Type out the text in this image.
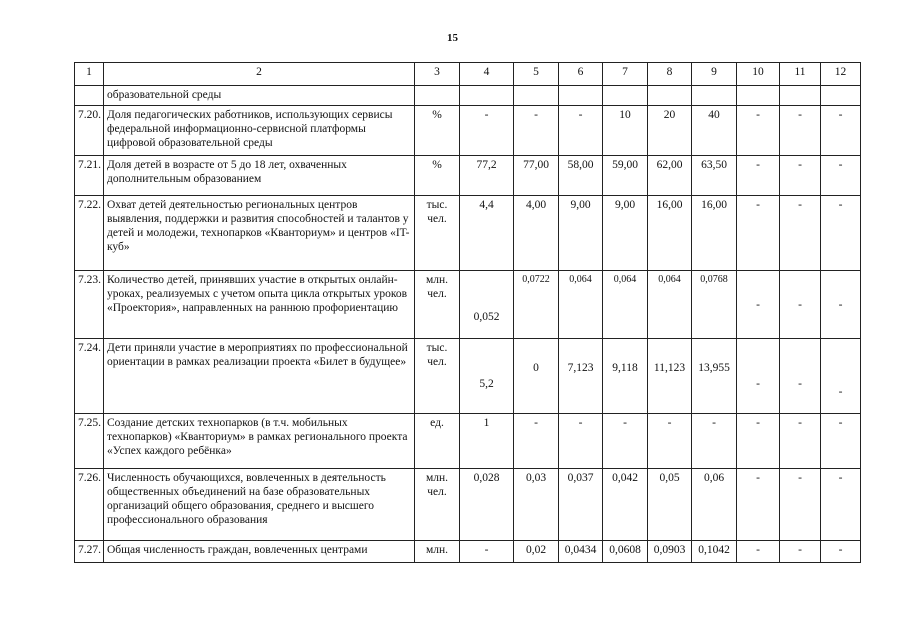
15
1	2	3	4	5	6	7	8	9	10	11	12
	образовательной среды										
7.20.	Доля педагогических работников, использующих сервисы федеральной информационно-сервисной платформы цифровой образовательной среды	%	-	-	-	10	20	40	-	-	-
7.21.	Доля детей в возрасте от 5 до 18 лет, охваченных дополнительным образованием	%	77,2	77,00	58,00	59,00	62,00	63,50	-	-	-
7.22.	Охват детей деятельностью региональных центров выявления, поддержки и развития способностей и талантов у детей и молодежи, технопарков «Кванториум» и центров «IT-куб»	тыс. чел.	4,4	4,00	9,00	9,00	16,00	16,00	-	-	-
7.23.	Количество детей, принявших участие в открытых онлайн- уроках, реализуемых с учетом опыта цикла открытых уроков «Проектория», направленных на раннюю профориентацию	млн. чел.	0,052	0,0722	0,064	0,064	0,064	0,0768	-	-	-
7.24.	Дети приняли участие в мероприятиях по профессиональной ориентации в рамках реализации проекта «Билет в будущее»	тыс. чел.	5,2	0	7,123	9,118	11,123	13,955	-	-	-
7.25.	Создание детских технопарков (в т.ч. мобильных технопарков) «Кванториум» в рамках регионального проекта «Успех каждого ребёнка»	ед.	1	-	-	-	-	-	-	-	-
7.26.	Численность обучающихся, вовлеченных в деятельность общественных объединений на базе образовательных организаций общего образования, среднего и высшего профессионального образования	млн. чел.	0,028	0,03	0,037	0,042	0,05	0,06	-	-	-
7.27.	Общая численность граждан, вовлеченных центрами	млн.	-	0,02	0,0434	0,0608	0,0903	0,1042	-	-	-
